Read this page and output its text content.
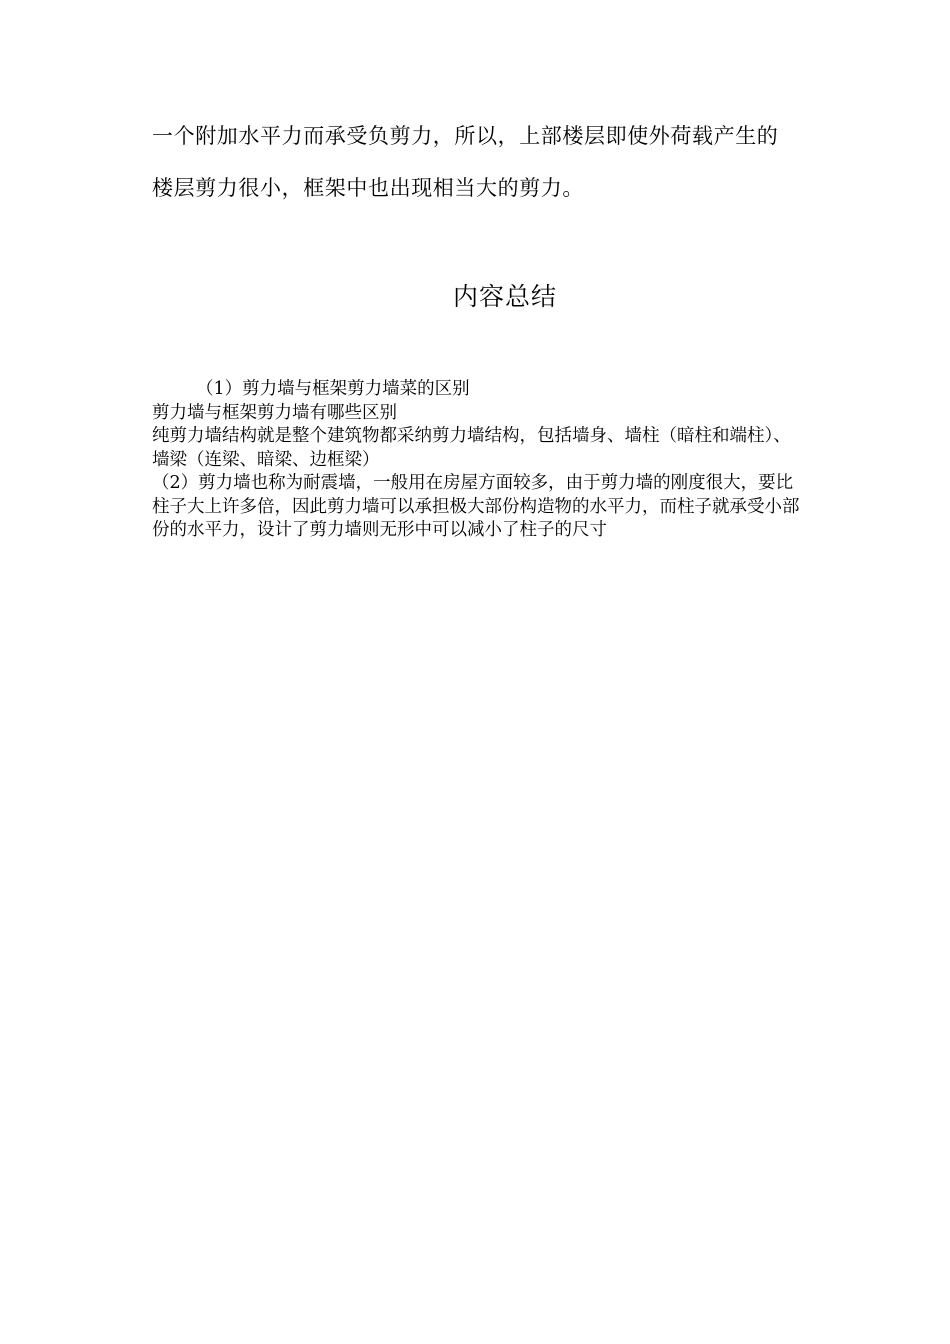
一个附加水平力而承受负剪力，所以，上部楼层即使外荷载产生的
楼层剪力很小，框架中也出现相当大的剪力。
内容总结

（1）剪力墙与框架剪力墙菜的区别

剪力墙与框架剪力墙有哪些区别

纯剪力墙结构就是整个建筑物都采纳剪力墙结构，包括墙身、墙柱（暗柱和端柱）、墙梁（连梁、暗梁、边框梁）

（2）剪力墙也称为耐震墙，一般用在房屋方面较多，由于剪力墙的刚度很大，要比柱子大上许多倍，因此剪力墙可以承担极大部份构造物的水平力，而柱子就承受小部份的水平力，设计了剪力墙则无形中可以减小了柱子的尺寸
